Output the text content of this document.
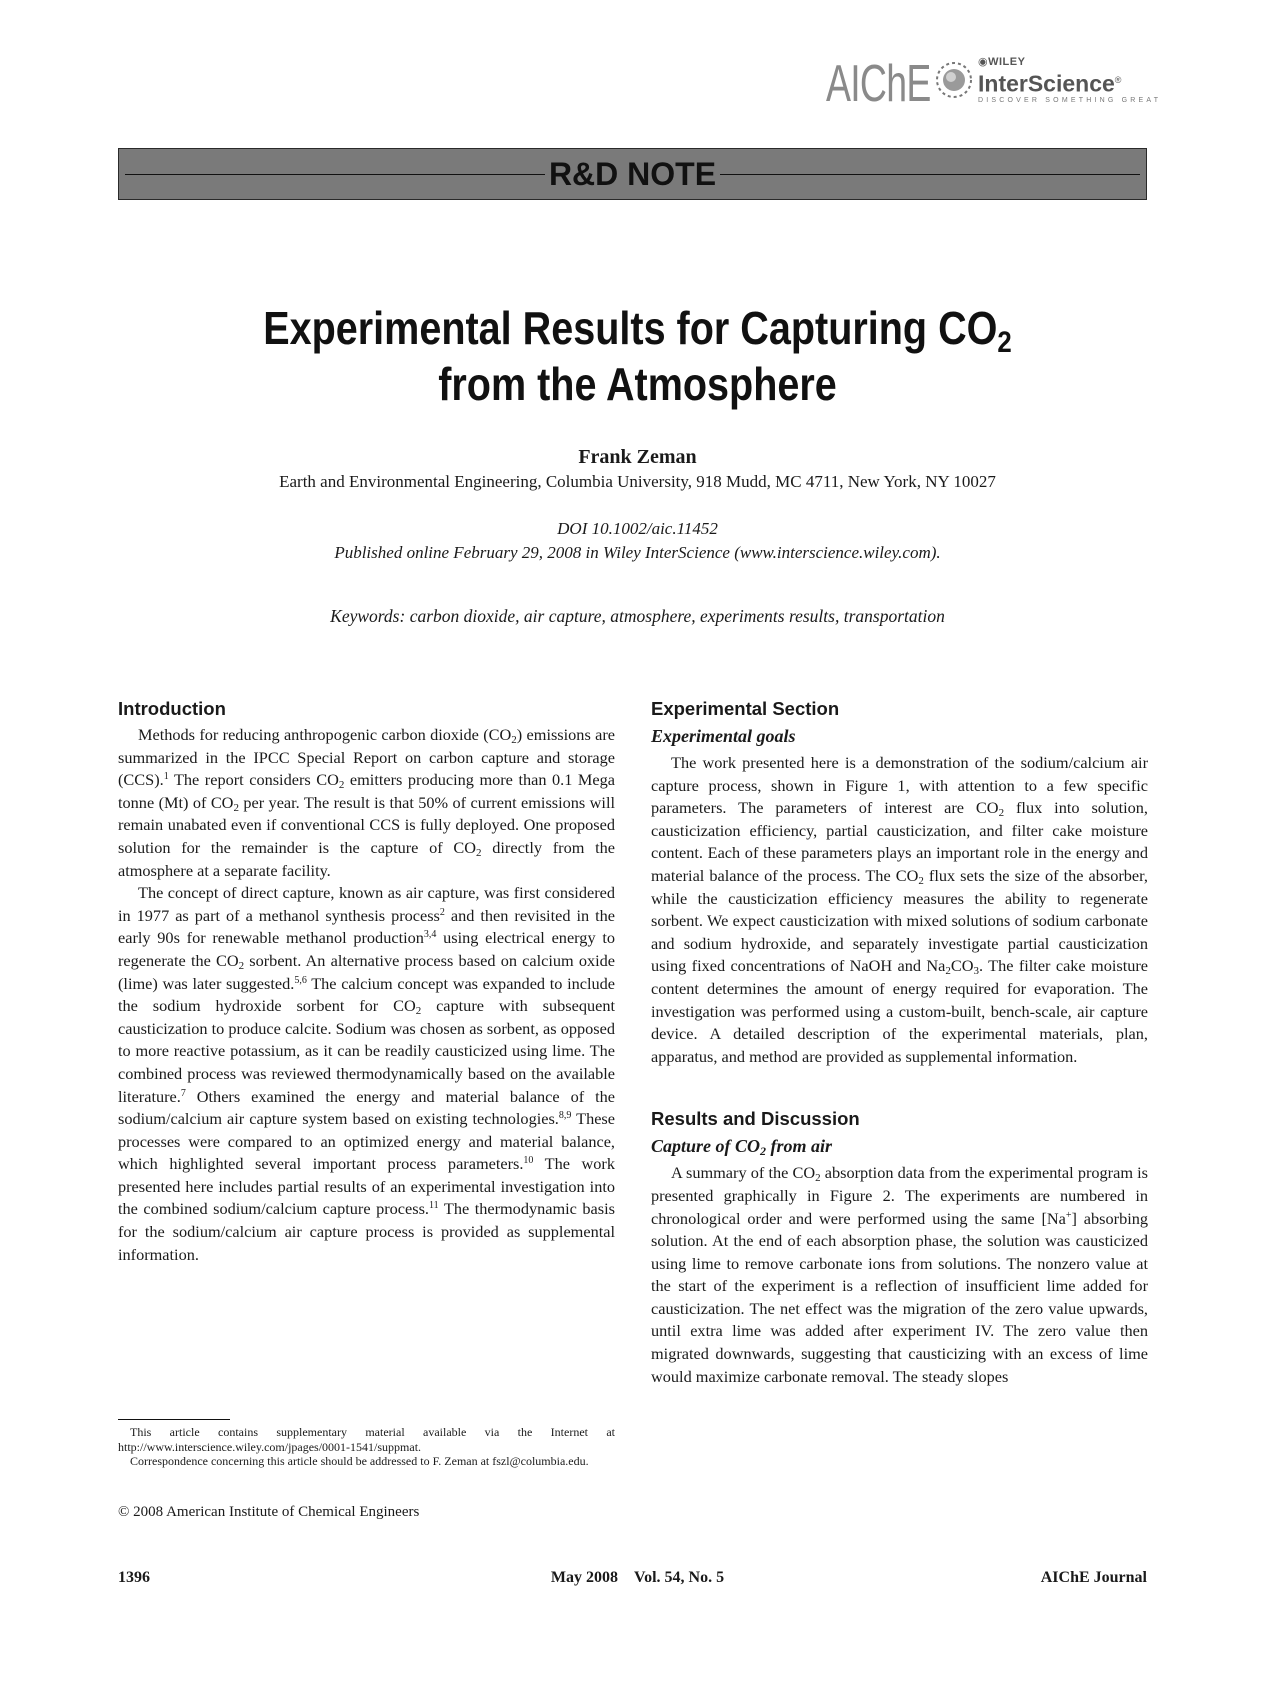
AIChE	◉WILEY
InterScience®
DISCOVER SOMETHING GREAT
R&D NOTE
Experimental Results for Capturing $CO_2$
from the Atmosphere
Frank Zeman
Earth and Environmental Engineering, Columbia University, 918 Mudd, MC 4711, New York, NY 10027
DOI 10.1002/aic.11452
Published online February 29, 2008 in Wiley InterScience (www.interscience.wiley.com).
Keywords: carbon dioxide, air capture, atmosphere, experiments results, transportation
Introduction

Methods for reducing anthropogenic carbon dioxide $(CO_2)$ emissions are summarized in the IPCC Special Report on carbon capture and storage (CCS).$^1$ The report considers $CO_2$ emitters producing more than 0.1 Mega tonne (Mt) of $CO_2$ per year. The result is that 50% of current emissions will remain unabated even if conventional CCS is fully deployed. One proposed solution for the remainder is the capture of $CO_2$ directly from the atmosphere at a separate facility.

The concept of direct capture, known as air capture, was first considered in 1977 as part of a methanol synthesis process$^2$ and then revisited in the early 90s for renewable methanol production$^{3,4}$ using electrical energy to regenerate the $CO_2$ sorbent. An alternative process based on calcium oxide (lime) was later suggested.$^{5,6}$ The calcium concept was expanded to include the sodium hydroxide sorbent for $CO_2$ capture with subsequent causticization to produce calcite. Sodium was chosen as sorbent, as opposed to more reactive potassium, as it can be readily causticized using lime. The combined process was reviewed thermodynamically based on the available literature.$^7$ Others examined the energy and material balance of the sodium/calcium air capture system based on existing technologies.$^{8,9}$ These processes were compared to an optimized energy and material balance, which highlighted several important process parameters.$^{10}$ The work presented here includes partial results of an experimental investigation into the combined sodium/calcium capture process.$^{11}$ The thermodynamic basis for the sodium/calcium air capture process is provided as supplemental information.

This article contains supplementary material available via the Internet at http://www.interscience.wiley.com/jpages/0001-1541/suppmat.

Correspondence concerning this article should be addressed to F. Zeman at fszl@columbia.edu.

© 2008 American Institute of Chemical Engineers
Experimental Section
Experimental goals

The work presented here is a demonstration of the sodium/calcium air capture process, shown in Figure 1, with attention to a few specific parameters. The parameters of interest are $CO_2$ flux into solution, causticization efficiency, partial causticization, and filter cake moisture content. Each of these parameters plays an important role in the energy and material balance of the process. The $CO_2$ flux sets the size of the absorber, while the causticization efficiency measures the ability to regenerate sorbent. We expect causticization with mixed solutions of sodium carbonate and sodium hydroxide, and separately investigate partial causticization using fixed concentrations of NaOH and $Na_2CO_3$. The filter cake moisture content determines the amount of energy required for evaporation. The investigation was performed using a custom-built, bench-scale, air capture device. A detailed description of the experimental materials, plan, apparatus, and method are provided as supplemental information.

Results and Discussion
Capture of $CO_2$ from air

A summary of the $CO_2$ absorption data from the experimental program is presented graphically in Figure 2. The experiments are numbered in chronological order and were performed using the same [Na+] absorbing solution. At the end of each absorption phase, the solution was causticized using lime to remove carbonate ions from solutions. The nonzero value at the start of the experiment is a reflection of insufficient lime added for causticization. The net effect was the migration of the zero value upwards, until extra lime was added after experiment IV. The zero value then migrated downwards, suggesting that causticizing with an excess of lime would maximize carbonate removal. The steady slopes

1396	May 2008 Vol. 54, No. 5	AIChE Journal
